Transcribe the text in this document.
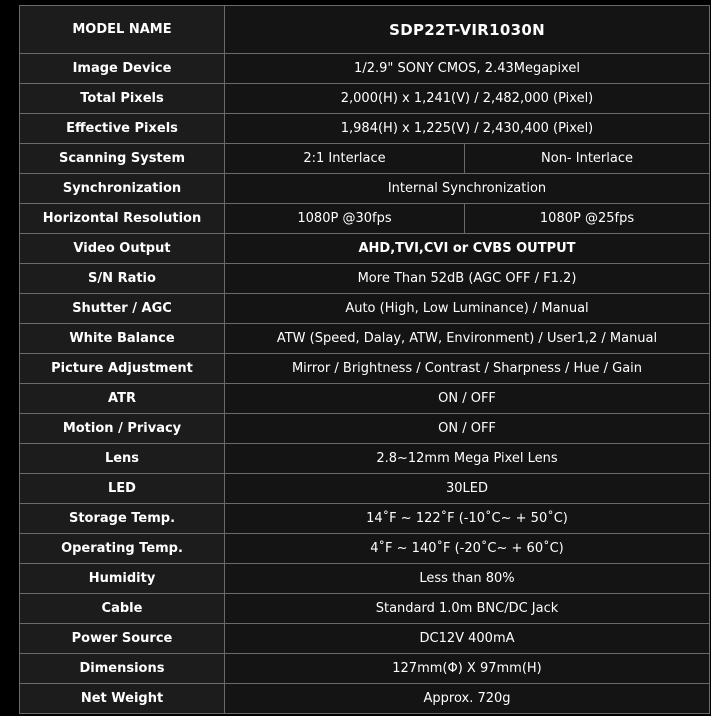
MODEL NAME	SDP22T-VIR1030N	
Image Device	1/2.9" SONY CMOS, 2.43Megapixel	
Total Pixels	2,000(H) x 1,241(V) / 2,482,000 (Pixel)	
Effective Pixels	1,984(H) x 1,225(V) / 2,430,400 (Pixel)	
Scanning System	2:1 Interlace	Non- Interlace
Synchronization	Internal Synchronization	
Horizontal Resolution	1080P @30fps	1080P @25fps
Video Output	AHD,TVI,CVI or CVBS OUTPUT	
S/N Ratio	More Than 52dB (AGC OFF / F1.2)	
Shutter / AGC	Auto (High, Low Luminance) / Manual	
White Balance	ATW (Speed, Dalay, ATW, Environment) / User1,2 / Manual	
Picture Adjustment	Mirror / Brightness / Contrast / Sharpness / Hue / Gain	
ATR	ON / OFF	
Motion / Privacy	ON / OFF	
Lens	2.8~12mm Mega Pixel Lens	
LED	30LED	
Storage Temp.	14˚F ~ 122˚F (-10˚C~ + 50˚C)	
Operating Temp.	4˚F ~ 140˚F (-20˚C~ + 60˚C)	
Humidity	Less than 80%	
Cable	Standard 1.0m BNC/DC Jack	
Power Source	DC12V 400mA	
Dimensions	127mm(Φ) X 97mm(H)	
Net Weight	Approx. 720g	
